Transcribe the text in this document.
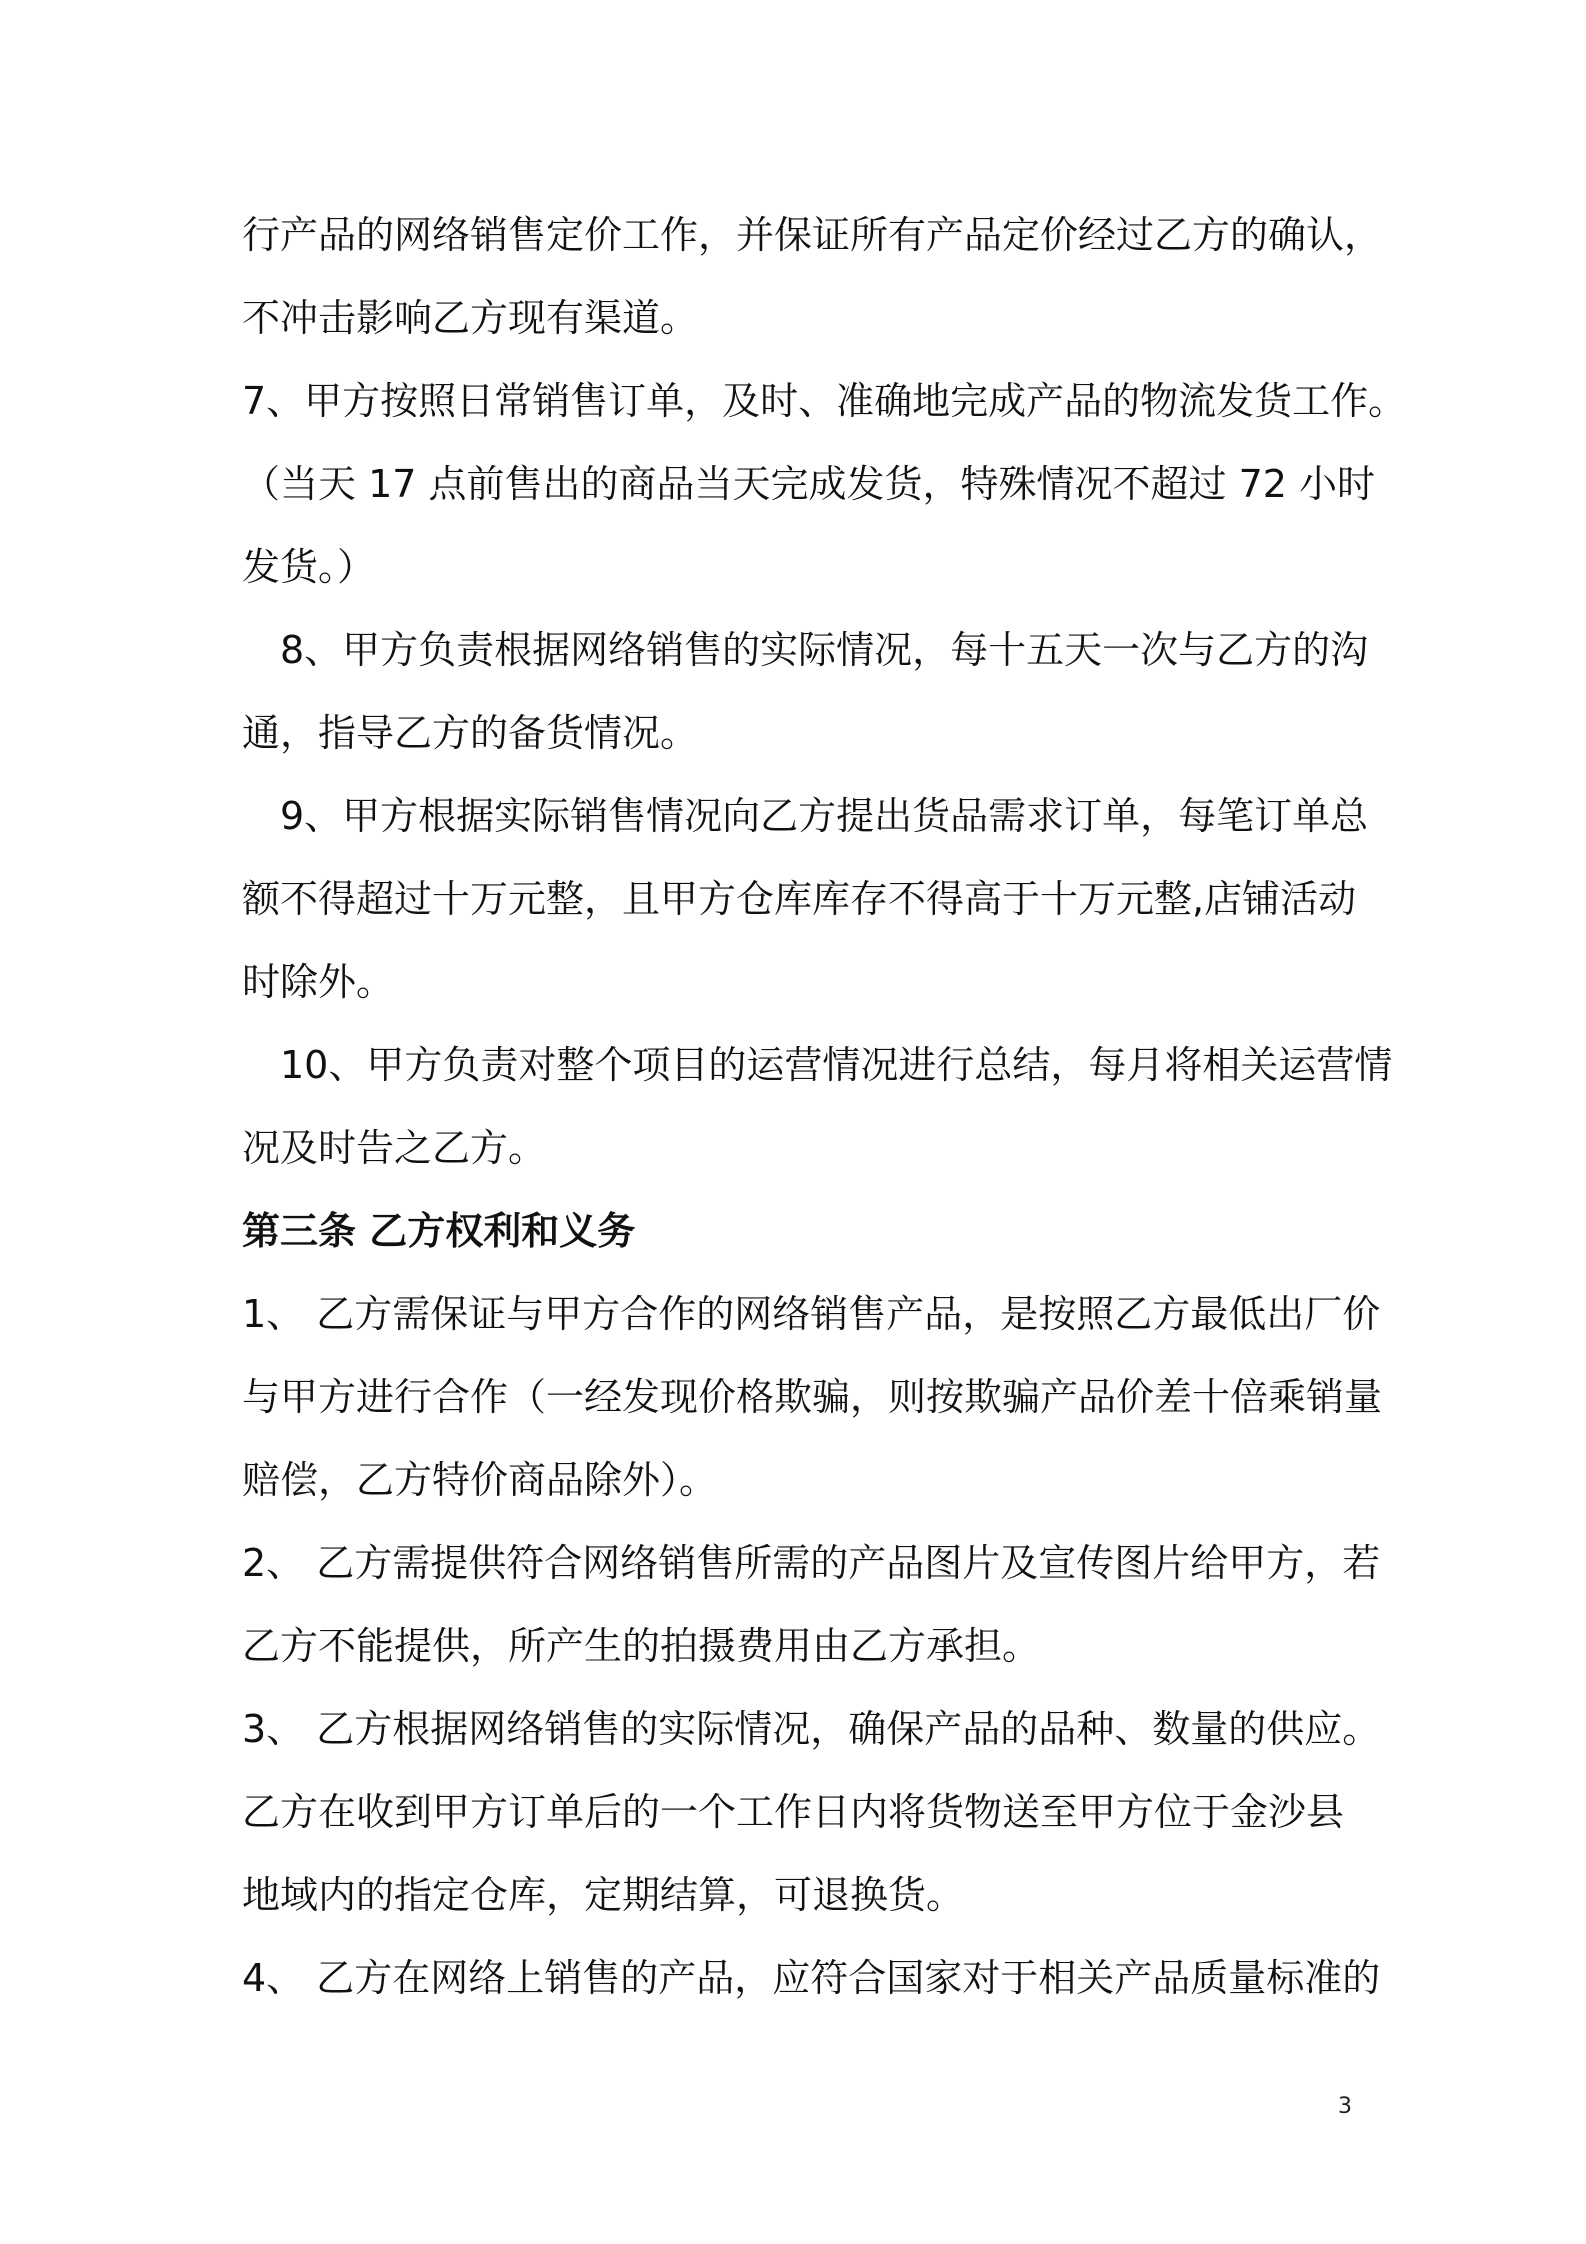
行产品的网络销售定价工作，并保证所有产品定价经过乙方的确认，
不冲击影响乙方现有渠道。
7、甲方按照日常销售订单，及时、准确地完成产品的物流发货工作。
（当天 17 点前售出的商品当天完成发货，特殊情况不超过 72 小时
发货。）
8、甲方负责根据网络销售的实际情况，每十五天一次与乙方的沟
通，指导乙方的备货情况。
9、甲方根据实际销售情况向乙方提出货品需求订单，每笔订单总
额不得超过十万元整，且甲方仓库库存不得高于十万元整,店铺活动
时除外。
10、甲方负责对整个项目的运营情况进行总结，每月将相关运营情
况及时告之乙方。
第三条 乙方权利和义务
1、 乙方需保证与甲方合作的网络销售产品，是按照乙方最低出厂价
与甲方进行合作（一经发现价格欺骗，则按欺骗产品价差十倍乘销量
赔偿，乙方特价商品除外）。
2、 乙方需提供符合网络销售所需的产品图片及宣传图片给甲方，若
乙方不能提供，所产生的拍摄费用由乙方承担。
3、 乙方根据网络销售的实际情况，确保产品的品种、数量的供应。
乙方在收到甲方订单后的一个工作日内将货物送至甲方位于金沙县
地域内的指定仓库，定期结算，可退换货。
4、 乙方在网络上销售的产品，应符合国家对于相关产品质量标准的
3
